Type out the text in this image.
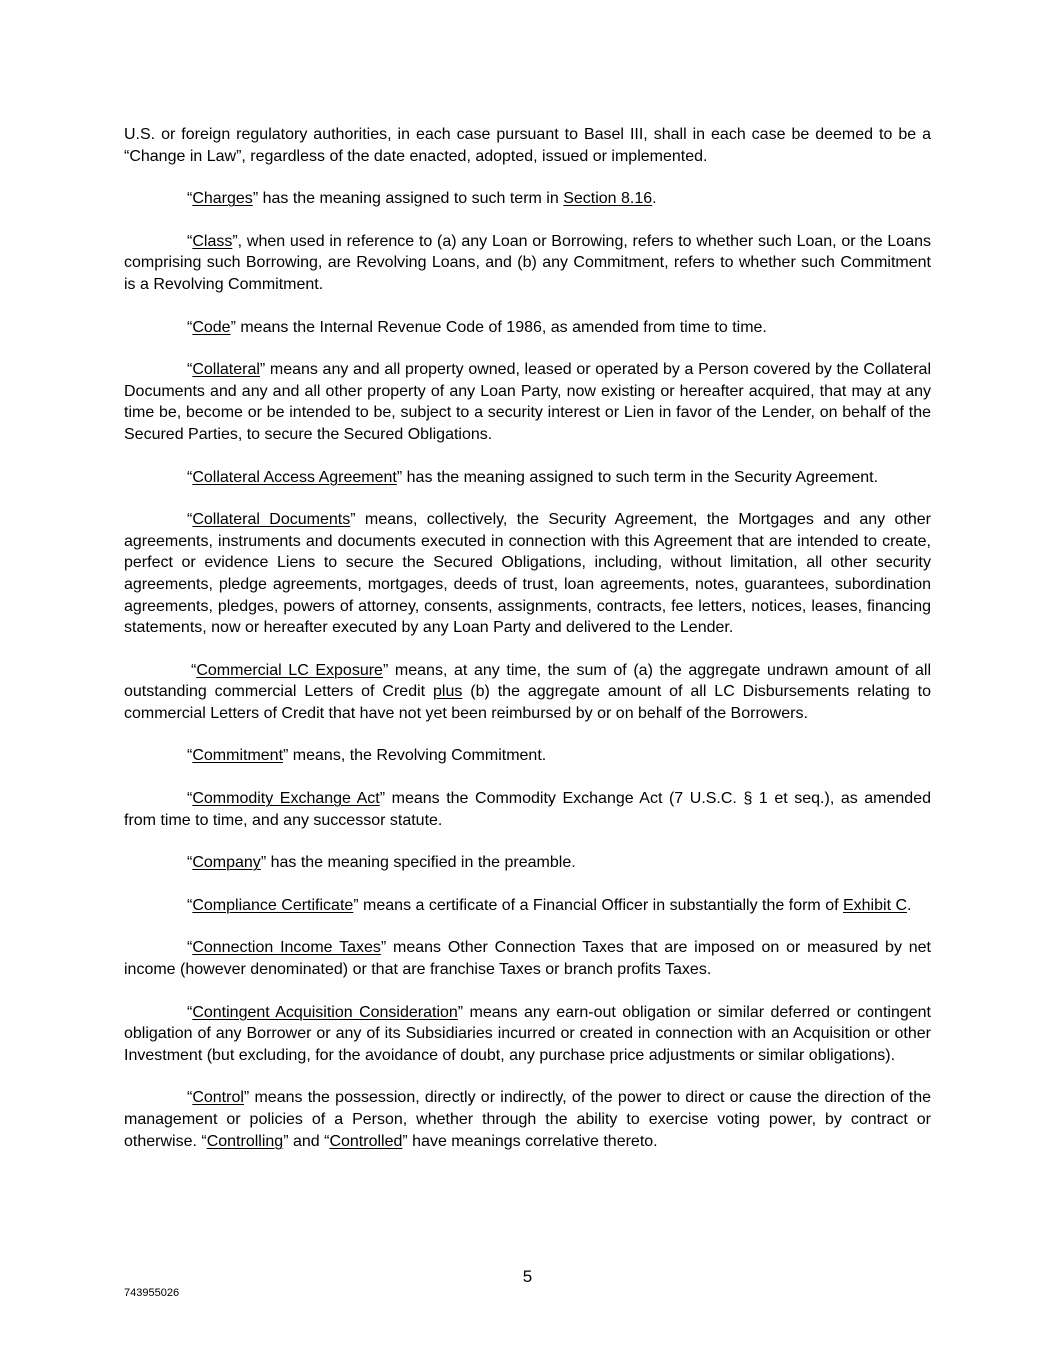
U.S. or foreign regulatory authorities, in each case pursuant to Basel III, shall in each case be deemed to be a “Change in Law”, regardless of the date enacted, adopted, issued or implemented.

“Charges” has the meaning assigned to such term in Section 8.16.

“Class”, when used in reference to (a) any Loan or Borrowing, refers to whether such Loan, or the Loans comprising such Borrowing, are Revolving Loans, and (b) any Commitment, refers to whether such Commitment is a Revolving Commitment.

“Code” means the Internal Revenue Code of 1986, as amended from time to time.

“Collateral” means any and all property owned, leased or operated by a Person covered by the Collateral Documents and any and all other property of any Loan Party, now existing or hereafter acquired, that may at any time be, become or be intended to be, subject to a security interest or Lien in favor of the Lender, on behalf of the Secured Parties, to secure the Secured Obligations.

“Collateral Access Agreement” has the meaning assigned to such term in the Security Agreement.

“Collateral Documents” means, collectively, the Security Agreement, the Mortgages and any other agreements, instruments and documents executed in connection with this Agreement that are intended to create, perfect or evidence Liens to secure the Secured Obligations, including, without limitation, all other security agreements, pledge agreements, mortgages, deeds of trust, loan agreements, notes, guarantees, subordination agreements, pledges, powers of attorney, consents, assignments, contracts, fee letters, notices, leases, financing statements, now or hereafter executed by any Loan Party and delivered to the Lender.

“Commercial LC Exposure” means, at any time, the sum of (a) the aggregate undrawn amount of all outstanding commercial Letters of Credit plus (b) the aggregate amount of all LC Disbursements relating to commercial Letters of Credit that have not yet been reimbursed by or on behalf of the Borrowers.

“Commitment” means, the Revolving Commitment.

“Commodity Exchange Act” means the Commodity Exchange Act (7 U.S.C. § 1 et seq.), as amended from time to time, and any successor statute.

“Company” has the meaning specified in the preamble.

“Compliance Certificate” means a certificate of a Financial Officer in substantially the form of Exhibit C.

“Connection Income Taxes” means Other Connection Taxes that are imposed on or measured by net income (however denominated) or that are franchise Taxes or branch profits Taxes.

“Contingent Acquisition Consideration” means any earn-out obligation or similar deferred or contingent obligation of any Borrower or any of its Subsidiaries incurred or created in connection with an Acquisition or other Investment (but excluding, for the avoidance of doubt, any purchase price adjustments or similar obligations).

“Control” means the possession, directly or indirectly, of the power to direct or cause the direction of the management or policies of a Person, whether through the ability to exercise voting power, by contract or otherwise. “Controlling” and “Controlled” have meanings correlative thereto.

5
743955026
